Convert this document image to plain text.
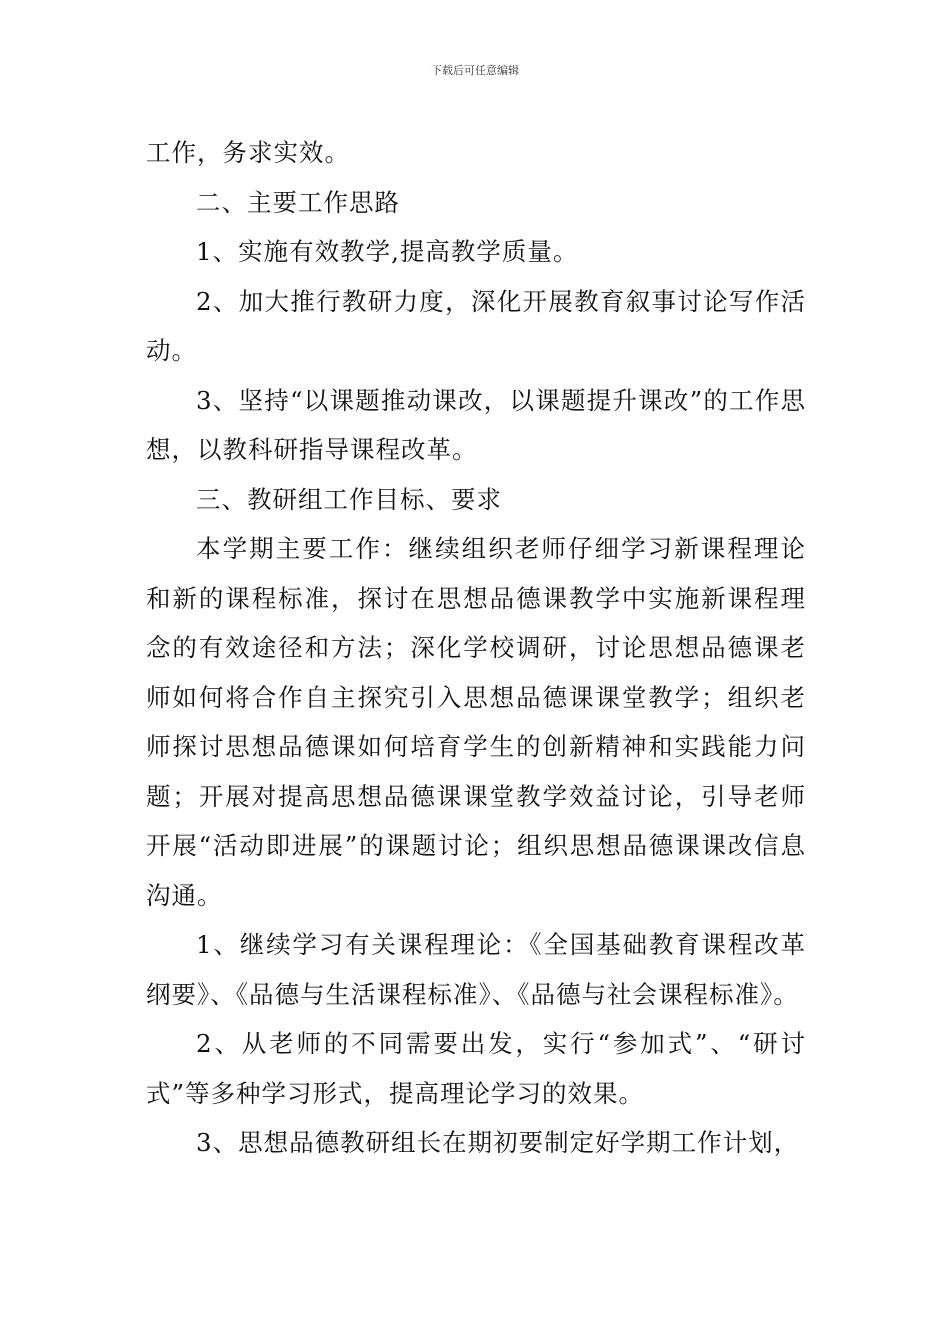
下载后可任意编辑

工作，务求实效。

二、主要工作思路

1、实施有效教学,提高教学质量。

2、加大推行教研力度，深化开展教育叙事讨论写作活动。

3、坚持“以课题推动课改，以课题提升课改”的工作思想，以教科研指导课程改革。

三、教研组工作目标、要求

本学期主要工作：继续组织老师仔细学习新课程理论和新的课程标准，探讨在思想品德课教学中实施新课程理念的有效途径和方法；深化学校调研，讨论思想品德课老师如何将合作自主探究引入思想品德课课堂教学；组织老师探讨思想品德课如何培育学生的创新精神和实践能力问题；开展对提高思想品德课课堂教学效益讨论，引导老师开展“活动即进展”的课题讨论；组织思想品德课课改信息沟通。

1、继续学习有关课程理论：《全国基础教育课程改革纲要》、《品德与生活课程标准》、《品德与社会课程标准》。

2、从老师的不同需要出发，实行“参加式”、“研讨式”等多种学习形式，提高理论学习的效果。

3、思想品德教研组长在期初要制定好学期工作计划，
